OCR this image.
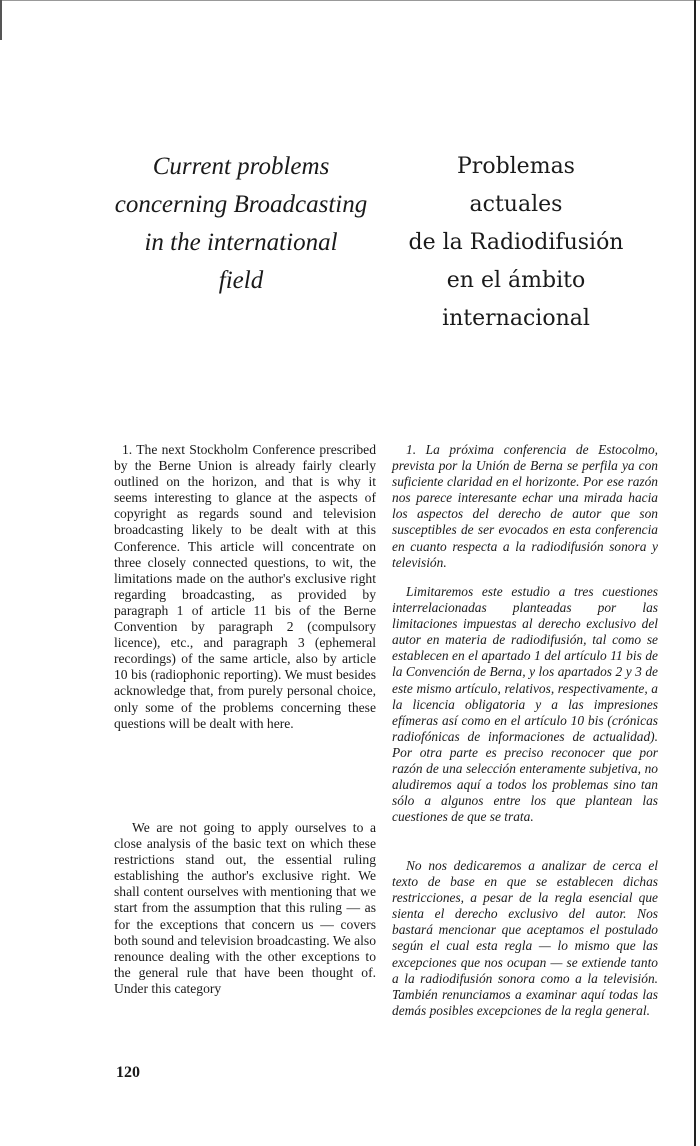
Current problems
concerning Broadcasting
in the international
field
Problemas actuales
de la Radiodifusión
en el ámbito
internacional

1. The next Stockholm Conference prescribed by the Berne Union is already fairly clearly outlined on the horizon, and that is why it seems interesting to glance at the aspects of copyright as regards sound and television broadcasting likely to be dealt with at this Conference. This article will concentrate on three closely connected questions, to wit, the limitations made on the author's exclusive right regarding broadcasting, as provided by paragraph 1 of article 11 bis of the Berne Convention by paragraph 2 (compulsory licence), etc., and paragraph 3 (ephemeral recordings) of the same article, also by article 10 bis (radiophonic reporting). We must besides acknowledge that, from purely personal choice, only some of the problems concerning these questions will be dealt with here.

We are not going to apply ourselves to a close analysis of the basic text on which these restrictions stand out, the essential ruling establishing the author's exclusive right. We shall content ourselves with mentioning that we start from the assumption that this ruling — as for the exceptions that concern us — covers both sound and television broadcasting. We also renounce dealing with the other exceptions to the general rule that have been thought of. Under this category

1. La próxima conferencia de Estocolmo, prevista por la Unión de Berna se perfila ya con suficiente claridad en el horizonte. Por ese razón nos parece interesante echar una mirada hacia los aspectos del derecho de autor que son susceptibles de ser evocados en esta conferencia en cuanto respecta a la radiodifusión sonora y televisión.

Limitaremos este estudio a tres cuestiones interrelacionadas planteadas por las limitaciones impuestas al derecho exclusivo del autor en materia de radiodifusión, tal como se establecen en el apartado 1 del artículo 11 bis de la Convención de Berna, y los apartados 2 y 3 de este mismo artículo, relativos, respectivamente, a la licencia obligatoria y a las impresiones efímeras así como en el artículo 10 bis (crónicas radiofónicas de informaciones de actualidad). Por otra parte es preciso reconocer que por razón de una selección enteramente subjetiva, no aludiremos aquí a todos los problemas sino tan sólo a algunos entre los que plantean las cuestiones de que se trata.

No nos dedicaremos a analizar de cerca el texto de base en que se establecen dichas restricciones, a pesar de la regla esencial que sienta el derecho exclusivo del autor. Nos bastará mencionar que aceptamos el postulado según el cual esta regla — lo mismo que las excepciones que nos ocupan — se extiende tanto a la radiodifusión sonora como a la televisión. También renunciamos a examinar aquí todas las demás posibles excepciones de la regla general.

120
